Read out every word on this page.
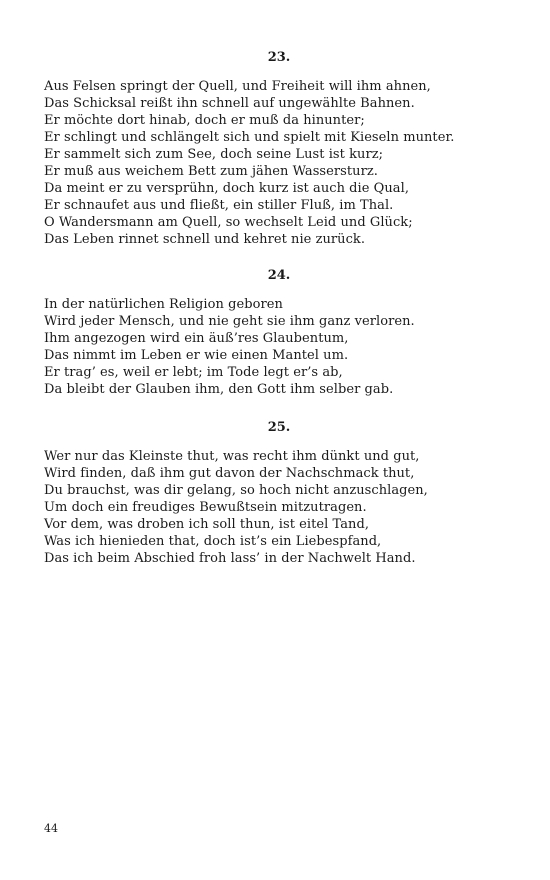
23.
Aus Felsen springt der Quell, und Freiheit will ihm ahnen,
Das Schicksal reißt ihn schnell auf ungewählte Bahnen.
Er möchte dort hinab, doch er muß da hinunter;
Er schlingt und schlängelt sich und spielt mit Kieseln munter.
Er sammelt sich zum See, doch seine Lust ist kurz;
Er muß aus weichem Bett zum jähen Wassersturz.
Da meint er zu versprühn, doch kurz ist auch die Qual,
Er schnaufet aus und fließt, ein stiller Fluß, im Thal.
O Wandersmann am Quell, so wechselt Leid und Glück;
Das Leben rinnet schnell und kehret nie zurück.
24.
In der natürlichen Religion geboren
Wird jeder Mensch, und nie geht sie ihm ganz verloren.
Ihm angezogen wird ein äuß’res Glaubentum,
Das nimmt im Leben er wie einen Mantel um.
Er trag’ es, weil er lebt; im Tode legt er’s ab,
Da bleibt der Glauben ihm, den Gott ihm selber gab.
25.
Wer nur das Kleinste thut, was recht ihm dünkt und gut,
Wird finden, daß ihm gut davon der Nachschmack thut,
Du brauchst, was dir gelang, so hoch nicht anzuschlagen,
Um doch ein freudiges Bewußtsein mitzutragen.
Vor dem, was droben ich soll thun, ist eitel Tand,
Was ich hienieden that, doch ist’s ein Liebespfand,
Das ich beim Abschied froh lass’ in der Nachwelt Hand.
44
